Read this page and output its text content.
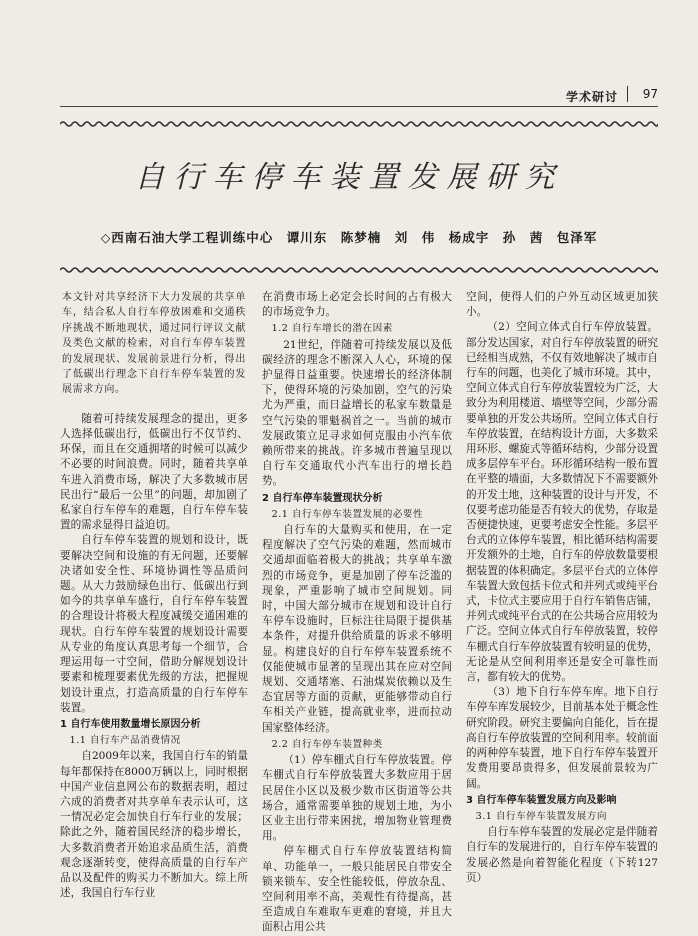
学术研讨 97
自行车停车装置发展研究
◇西南石油大学工程训练中心　谭川东　陈梦楠　刘　伟　杨成宇　孙　茜　包泽军
本文针对共享经济下大力发展的共享单车，结合私人自行车停放困难和交通秩序挑战不断地现状，通过同行评议文献及类色文献的检索，对自行车停车装置的发展现状、发展前景进行分析，得出了低碳出行理念下自行车停车装置的发展需求方向。
随着可持续发展理念的提出，更多人选择低碳出行，低碳出行不仅节约、环保，而且在交通拥堵的时候可以减少不必要的时间浪费。同时，随着共享单车进入消费市场，解决了大多数城市居民出行“最后一公里”的问题，却加剧了私家自行车停车的难题，自行车停车装置的需求显得日益迫切。
自行车停车装置的规划和设计，既要解决空间和设施的有无问题，还要解决诸如安全性、环境协调性等品质问题。从大力鼓励绿色出行、低碳出行到如今的共享单车盛行，自行车停车装置的合理设计将极大程度减缓交通困难的现状。自行车停车装置的规划设计需要从专业的角度认真思考每一个细节，合理运用每一寸空间，借助分解规划设计要素和梳理要素优先级的方法，把握规划设计重点，打造高质量的自行车停车装置。
1 自行车使用数量增长原因分析
1.1 自行车产品消费情况
自2009年以来，我国自行车的销量每年都保持在8000万辆以上，同时根据中国产业信息网公布的数据表明，超过六成的消费者对共享单车表示认可，这一情况必定会加快自行车行业的发展；除此之外，随着国民经济的稳步增长，大多数消费者开始追求品质生活，消费观念逐渐转变，使得高质量的自行车产品以及配件的购买力不断加大。综上所述，我国自行车行业
在消费市场上必定会长时间的占有极大的市场竞争力。
1.2 自行车增长的潜在因素
21世纪，伴随着可持续发展以及低碳经济的理念不断深入人心，环境的保护显得日益重要。快速增长的经济体制下，使得环境的污染加剧，空气的污染尤为严重，而日益增长的私家车数量是空气污染的罪魁祸首之一。当前的城市发展政策立足寻求如何克服由小汽车依赖所带来的挑战。许多城市普遍呈现以自行车交通取代小汽车出行的增长趋势。
2 自行车停车装置现状分析
2.1 自行车停车装置发展的必要性
自行车的大量购买和使用，在一定程度解决了空气污染的难题，然而城市交通却面临着极大的挑战；共享单车激烈的市场竞争，更是加剧了停车泛滥的现象，严重影响了城市空间规划。同时，中国大部分城市在规划和设计自行车停车设施时，巨标注往局限于提供基本条件，对提升供给质量的诉求不够明显。构建良好的自行车停车装置系统不仅能使城市显著的呈现出其在应对空间规划、交通堵塞、石油煤炭依赖以及生态宜居等方面的贡献，更能够带动自行车相关产业链，提高就业率，进而拉动国家整体经济。
2.2 自行车停车装置种类
（1）停车棚式自行车停放装置。停车棚式自行车停放装置大多数应用于居民居住小区以及极少数市区街道等公共场合，通常需要单独的规划土地，为小区业主出行带来困扰，增加物业管理费用。
停车棚式自行车停放装置结构简单、功能单一，一般只能居民自带安全锁来锁车、安全性能较低，停放杂乱、空间利用率不高，美观性有待提高，甚至造成自车难取车更难的窘境，并且大面积占用公共
空间，使得人们的户外互动区域更加狭小。
（2）空间立体式自行车停放装置。部分发达国家，对自行车停放装置的研究已经相当成熟，不仅有效地解决了城市自行车的问题，也美化了城市环境。其中，空间立体式自行车停放装置较为广泛，大致分为利用楼道、墙壁等空间，少部分需要单独的开发公共场所。空间立体式自行车停放装置，在结构设计方面，大多数采用环形、螺旋式等循环结构，少部分设置成多层停车平台。环形循环结构一般布置在平整的墙面，大多数情况下不需要额外的开发土地，这种装置的设计与开发，不仅要考虑功能是否有较大的优势，存取是否便捷快速，更要考虑安全性能。多层平台式的立体停车装置，相比循环结构需要开发额外的土地，自行车的停放数量要根据装置的体积确定。多层平台式的立体停车装置大致包括卡位式和并列式或纯平台式，卡位式主要应用于自行车销售店铺，并列式或纯平台式的在公共场合应用较为广泛。空间立体式自行车停放装置，较停车棚式自行车停放装置有较明显的优势，无论是从空间利用率还是安全可靠性而言，都有较大的优势。
（3）地下自行车停车库。地下自行车停车库发展较少，目前基本处于概念性研究阶段。研究主要偏向自能化，旨在提高自行车停放装置的空间利用率。较前面的两种停车装置，地下自行车停车装置开发费用要昂贵得多，但发展前景较为广阔。
3 自行车停车装置发展方向及影响
3.1 自行车停车装置发展方向
自行车停车装置的发展必定是伴随着自行车的发展进行的，自行车停车装置的发展必然是向着智能化程度（下转127页）
